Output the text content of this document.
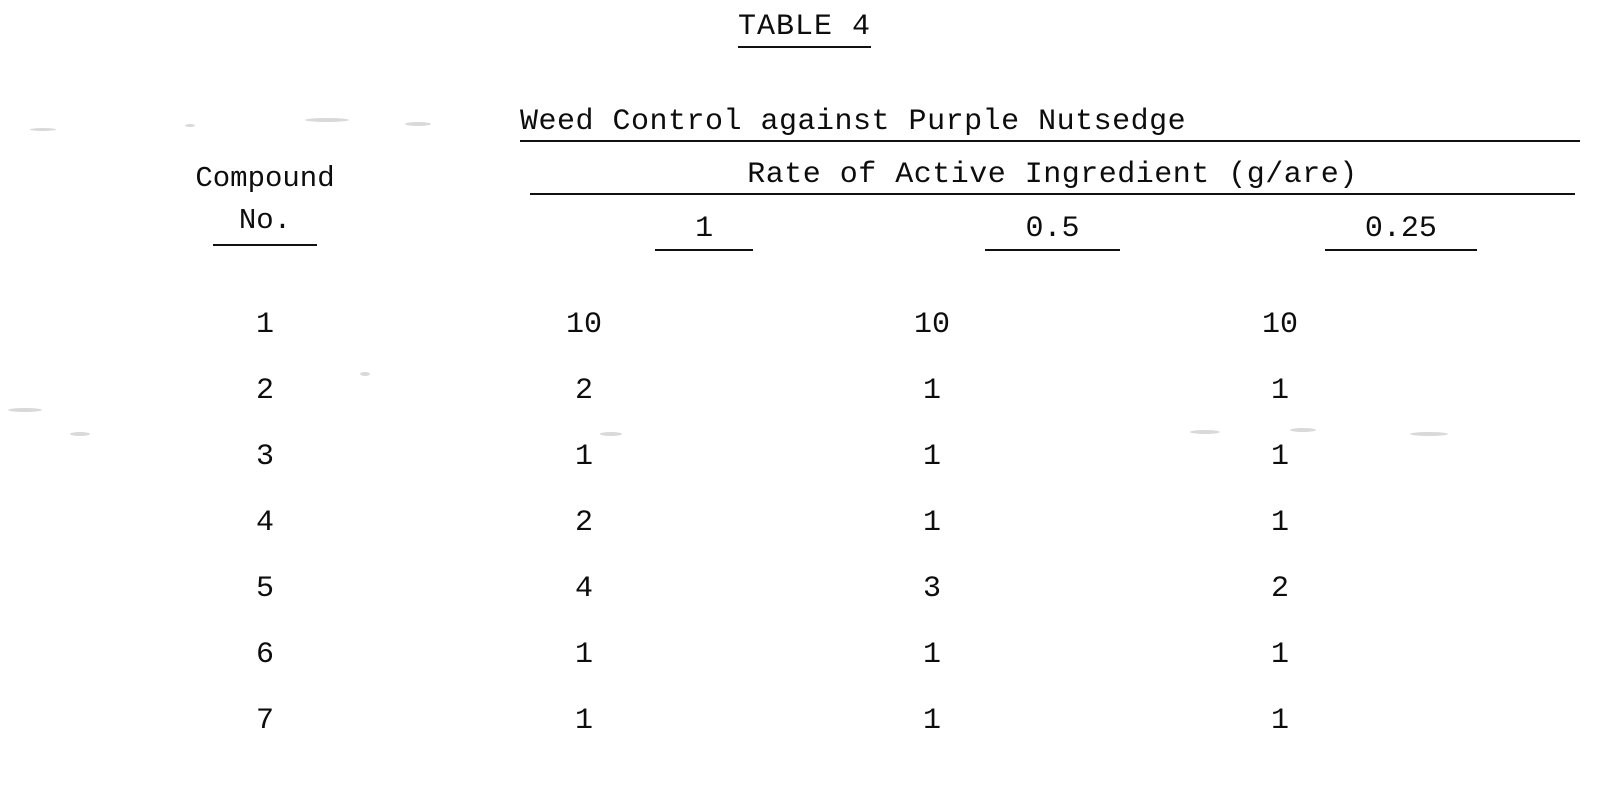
TABLE 4
Weed Control against Purple Nutsedge
Rate of Active Ingredient (g/are)
Compound
No.	1	0.5	0.25
1	10	10	10
2	2	1	1
3	1	1	1
4	2	1	1
5	4	3	2
6	1	1	1
7	1	1	1
